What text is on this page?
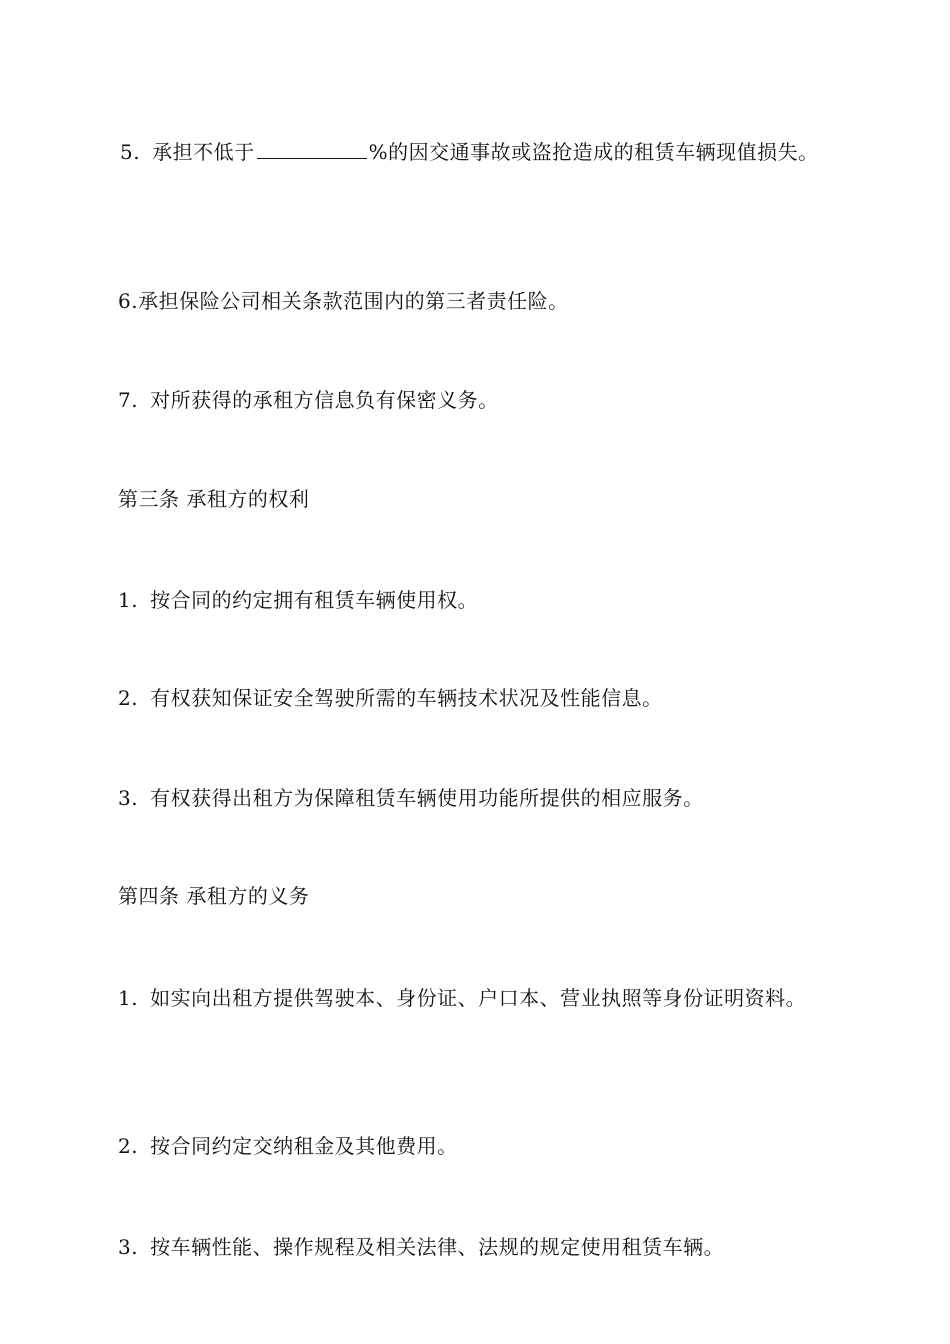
5. 承担不低于	%的因交通事故或盗抢造成的租赁车辆现值损失。
6.承担保险公司相关条款范围内的第三者责任险。
7. 对所获得的承租方信息负有保密义务。
第三条 承租方的权利
1. 按合同的约定拥有租赁车辆使用权。
2. 有权获知保证安全驾驶所需的车辆技术状况及性能信息。
3. 有权获得出租方为保障租赁车辆使用功能所提供的相应服务。
第四条 承租方的义务
1. 如实向出租方提供驾驶本、身份证、户口本、营业执照等身份证明资料。
2. 按合同约定交纳租金及其他费用。
3. 按车辆性能、操作规程及相关法律、法规的规定使用租赁车辆。
